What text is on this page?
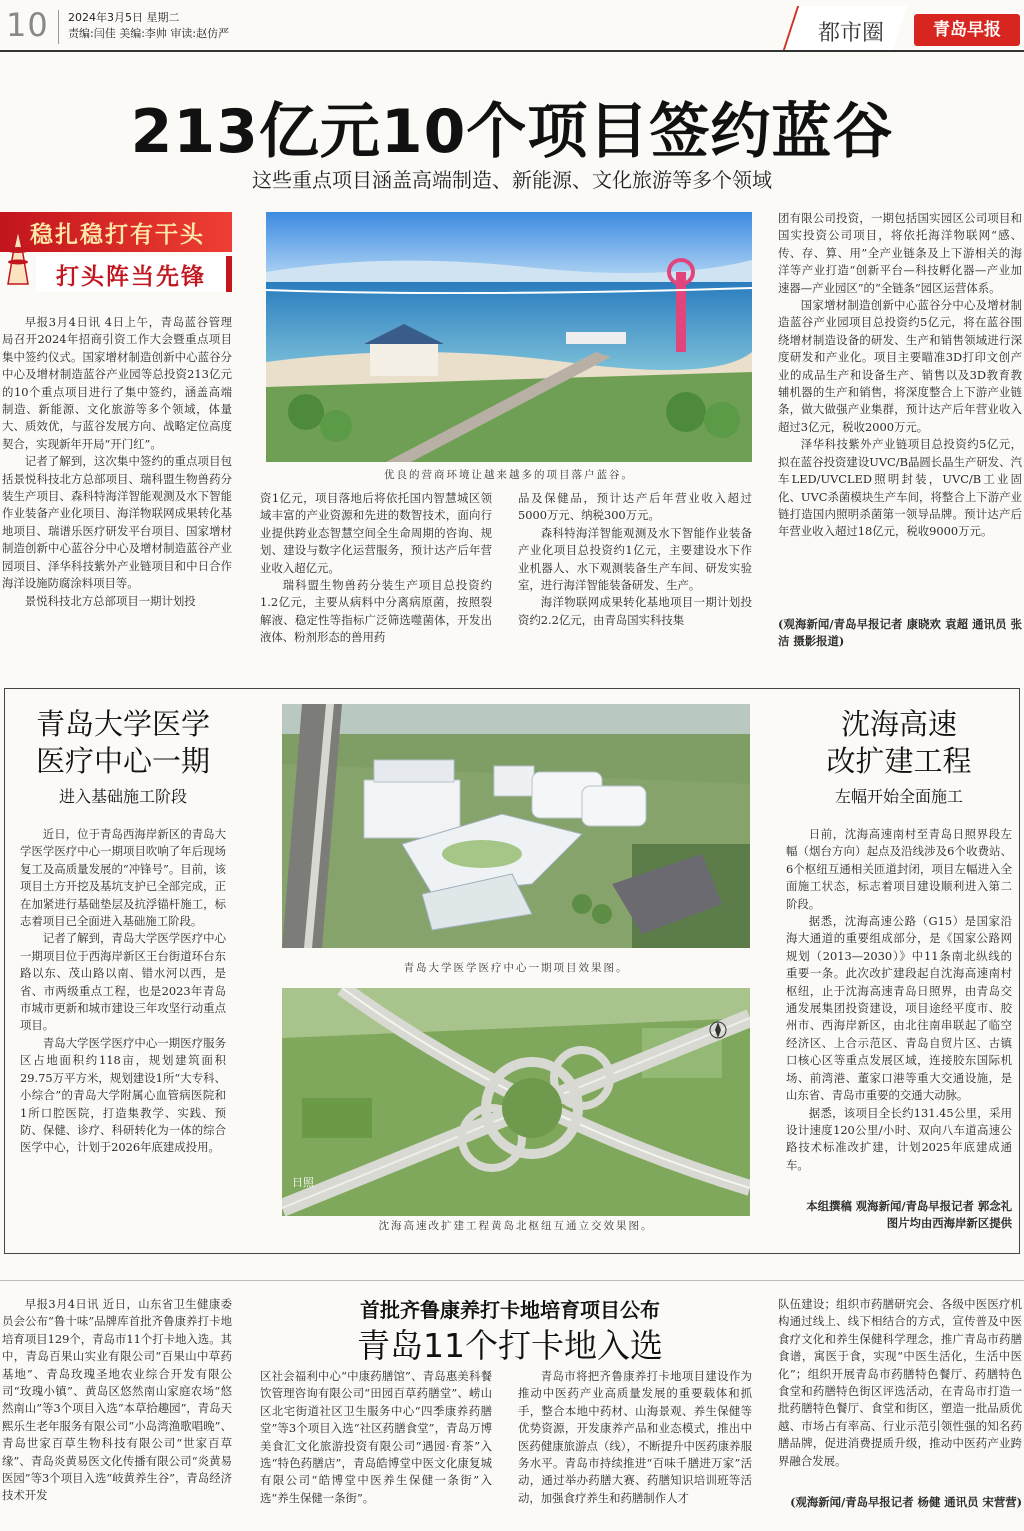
10 2024年3月5日 星期二
责编:闫佳 美编:李帅 审读:赵仿严	都市圈	青岛早报
213亿元10个项目签约蓝谷
这些重点项目涵盖高端制造、新能源、文化旅游等多个领域
稳扎稳打有干头
打头阵当先锋

早报3月4日讯 4日上午，青岛蓝谷管理局召开2024年招商引资工作大会暨重点项目集中签约仪式。国家增材制造创新中心蓝谷分中心及增材制造蓝谷产业园等总投资213亿元的10个重点项目进行了集中签约，涵盖高端制造、新能源、文化旅游等多个领域，体量大、质效优，与蓝谷发展方向、战略定位高度契合，实现新年开局“开门红”。

记者了解到，这次集中签约的重点项目包括景悦科技北方总部项目、瑞科盟生物兽药分装生产项目、森科特海洋智能观测及水下智能作业装备产业化项目、海洋物联网成果转化基地项目、瑞谱乐医疗研发平台项目、国家增材制造创新中心蓝谷分中心及增材制造蓝谷产业园项目、泽华科技紫外产业链项目和中日合作海洋设施防腐涂料项目等。

景悦科技北方总部项目一期计划投

优良的营商环境让越来越多的项目落户蓝谷。

资1亿元，项目落地后将依托国内智慧城区领域丰富的产业资源和先进的数智技术，面向行业提供跨业态智慧空间全生命周期的咨询、规划、建设与数字化运营服务，预计达产后年营业收入超亿元。

瑞科盟生物兽药分装生产项目总投资约1.2亿元，主要从病料中分离病原菌，按照裂解液、稳定性等指标广泛筛选噬菌体，开发出液体、粉剂形态的兽用药

品及保健品，预计达产后年营业收入超过5000万元、纳税300万元。

森科特海洋智能观测及水下智能作业装备产业化项目总投资约1亿元，主要建设水下作业机器人、水下观测装备生产车间、研发实验室，进行海洋智能装备研发、生产。

海洋物联网成果转化基地项目一期计划投资约2.2亿元，由青岛国实科技集

团有限公司投资，一期包括国实园区公司项目和国实投资公司项目，将依托海洋物联网“感、传、存、算、用”全产业链条及上下游相关的海洋等产业打造“创新平台—科技孵化器—产业加速器—产业园区”的“全链条”园区运营体系。

国家增材制造创新中心蓝谷分中心及增材制造蓝谷产业园项目总投资约5亿元，将在蓝谷围绕增材制造设备的研发、生产和销售领域进行深度研发和产业化。项目主要瞄准3D打印文创产业的成品生产和设备生产、销售以及3D教育教辅机器的生产和销售，将深度整合上下游产业链条，做大做强产业集群，预计达产后年营业收入超过3亿元，税收2000万元。

泽华科技紫外产业链项目总投资约5亿元，拟在蓝谷投资建设UVC/B晶圆长晶生产研发、汽车LED/UVCLED照明封装，UVC/B工业固化、UVC杀菌模块生产车间，将整合上下游产业链打造国内照明杀菌第一领导品牌。预计达产后年营业收入超过18亿元，税收9000万元。

(观海新闻/青岛早报记者 康晓欢 袁超 通讯员 张洁 摄影报道)
青岛大学医学
医疗中心一期
进入基础施工阶段

近日，位于青岛西海岸新区的青岛大学医学医疗中心一期项目吹响了年后现场复工及高质量发展的“冲锋号”。目前，该项目土方开挖及基坑支护已全部完成，正在加紧进行基础垫层及抗浮锚杆施工，标志着项目已全面进入基础施工阶段。

记者了解到，青岛大学医学医疗中心一期项目位于西海岸新区王台街道环台东路以东、茂山路以南、错水河以西，是省、市两级重点工程，也是2023年青岛市城市更新和城市建设三年攻坚行动重点项目。

青岛大学医学医疗中心一期医疗服务区占地面积约118亩，规划建筑面积29.75万平方米，规划建设1所“大专科、小综合”的青岛大学附属心血管病医院和1所口腔医院，打造集教学、实践、预防、保健、诊疗、科研转化为一体的综合医学中心，计划于2026年底建成投用。

青岛大学医学医疗中心一期项目效果图。
日照
沈海高速改扩建工程黄岛北枢纽互通立交效果图。
沈海高速
改扩建工程
左幅开始全面施工

日前，沈海高速南村至青岛日照界段左幅（烟台方向）起点及沿线涉及6个收费站、6个枢纽互通相关匝道封闭，项目左幅进入全面施工状态，标志着项目建设顺利进入第二阶段。

据悉，沈海高速公路（G15）是国家沿海大通道的重要组成部分，是《国家公路网规划（2013—2030）》中11条南北纵线的重要一条。此次改扩建段起自沈海高速南村枢纽，止于沈海高速青岛日照界，由青岛交通发展集团投资建设，项目途经平度市、胶州市、西海岸新区，由北往南串联起了临空经济区、上合示范区、青岛自贸片区、古镇口核心区等重点发展区域，连接胶东国际机场、前湾港、董家口港等重大交通设施，是山东省、青岛市重要的交通大动脉。

据悉，该项目全长约131.45公里，采用设计速度120公里/小时、双向八车道高速公路技术标准改扩建，计划2025年底建成通车。

本组撰稿 观海新闻/青岛早报记者 郭念礼
图片均由西海岸新区提供
首批齐鲁康养打卡地培育项目公布
青岛11个打卡地入选

早报3月4日讯 近日，山东省卫生健康委员会公布“鲁十味”品牌库首批齐鲁康养打卡地培育项目129个，青岛市11个打卡地入选。其中，青岛百果山实业有限公司“百果山中草药基地”、青岛玫瑰圣地农业综合开发有限公司“玫瑰小镇”、黄岛区悠然南山家庭农场“悠然南山”等3个项目入选“本草拾趣园”，青岛天熙乐生老年服务有限公司“小岛湾渔歌唱晚”、青岛世家百草生物科技有限公司“世家百草缘”、青岛炎黄易医文化传播有限公司“炎黄易医园”等3个项目入选“岐黄养生谷”，青岛经济技术开发

区社会福利中心“中康药膳馆”、青岛惠美科餐饮管理咨询有限公司“田园百草药膳堂”、崂山区北宅街道社区卫生服务中心“四季康养药膳堂”等3个项目入选“社区药膳食堂”，青岛万博美食汇文化旅游投资有限公司“遇园·育茶”入选“特色药膳店”，青岛皓博堂中医文化康复城有限公司“皓博堂中医养生保健一条街”入选“养生保健一条街”。

青岛市将把齐鲁康养打卡地项目建设作为推动中医药产业高质量发展的重要载体和抓手，整合本地中药材、山海景观、养生保健等优势资源，开发康养产品和业态模式，推出中医药健康旅游点（线），不断提升中医药康养服务水平。青岛市持续推进“百味千膳进万家”活动，通过举办药膳大赛、药膳知识培训班等活动，加强食疗养生和药膳制作人才

队伍建设；组织市药膳研究会、各级中医医疗机构通过线上、线下相结合的方式，宣传普及中医食疗文化和养生保健科学理念，推广青岛市药膳食谱，寓医于食，实现“中医生活化，生活中医化”；组织开展青岛市药膳特色餐厅、药膳特色食堂和药膳特色街区评选活动，在青岛市打造一批药膳特色餐厅、食堂和街区，塑造一批品质优越、市场占有率高、行业示范引领性强的知名药膳品牌，促进消费提质升级，推动中医药产业跨界融合发展。

(观海新闻/青岛早报记者 杨健 通讯员 宋营营)
